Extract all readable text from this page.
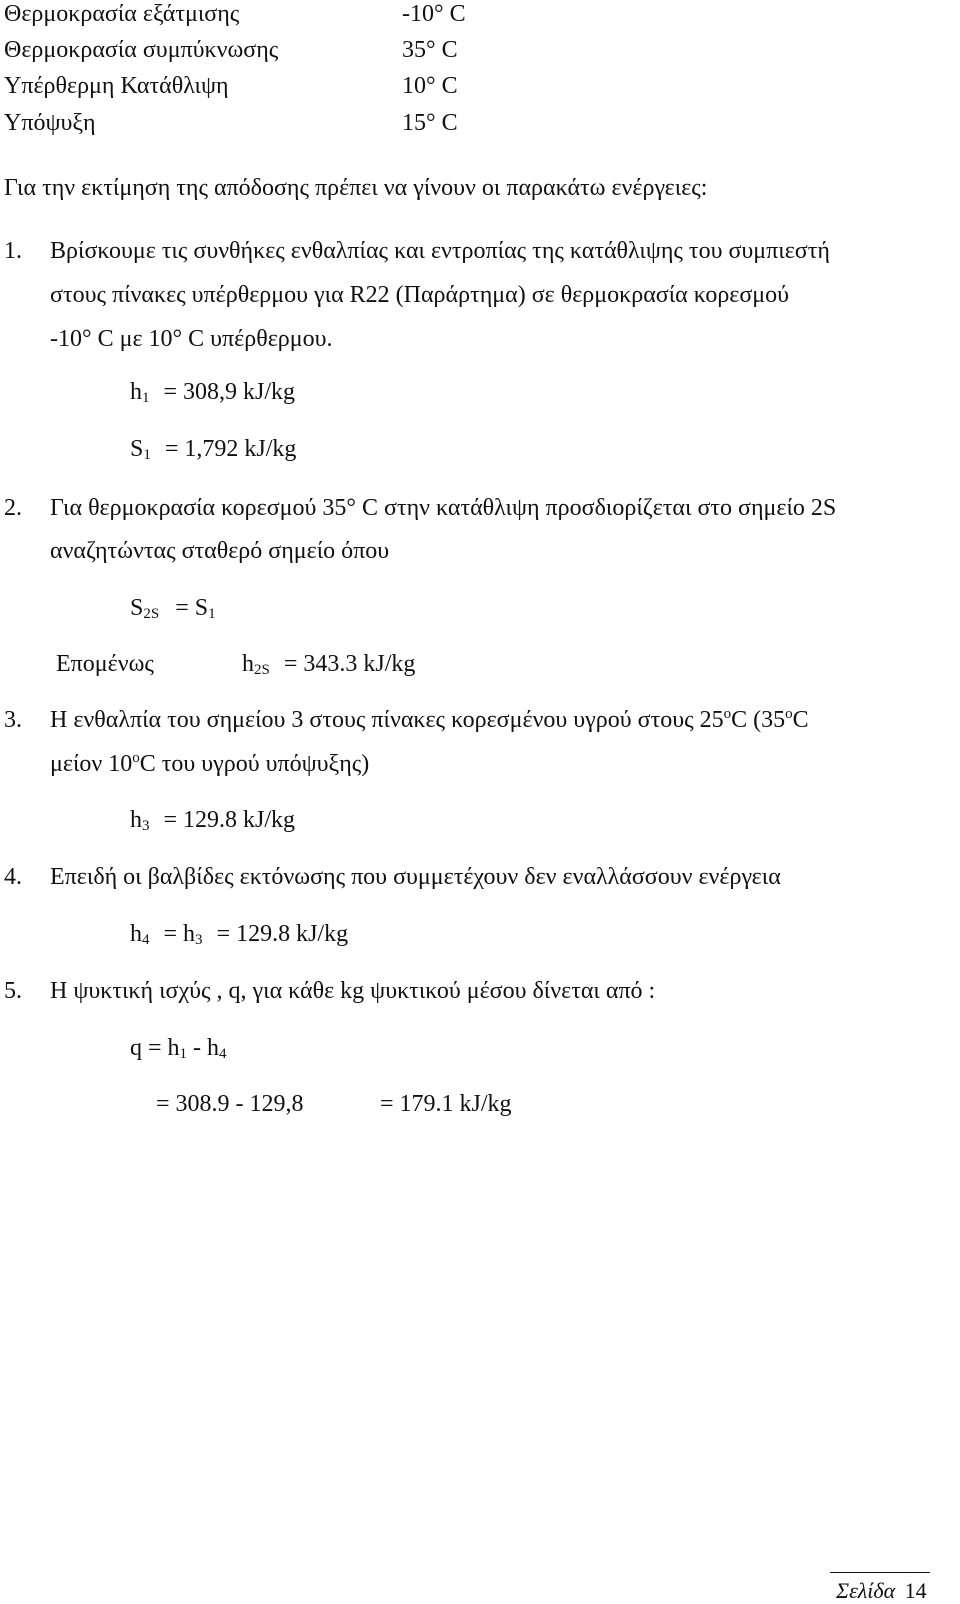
Θερμοκρασία εξάτμισης	-10° C
Θερμοκρασία συμπύκνωσης	35° C
Υπέρθερμη Κατάθλιψη	10° C
Υπόψυξη	15° C
Για την εκτίμηση της απόδοσης πρέπει να γίνουν οι παρακάτω ενέργειες:
1. Βρίσκουμε τις συνθήκες ενθαλπίας και εντροπίας της κατάθλιψης του συμπιεστή
στους πίνακες υπέρθερμου για R22 (Παράρτημα) σε θερμοκρασία κορεσμού
-10° C με 10° C υπέρθερμου.
$h_1 = 308,9$ kJ/kg
$S_1 = 1,792$ kJ/kg
2. Για θερμοκρασία κορεσμού 35° C στην κατάθλιψη προσδιορίζεται στο σημείο 2S
αναζητώντας σταθερό σημείο όπου
$S_{2S} = S_1$
Επομένως	$h_{2S} = 343.3$ kJ/kg
3. Η ενθαλπία του σημείου 3 στους πίνακες κορεσμένου υγρού στους 25$^o$C (35$^o$C
μείον 10$^o$C του υγρού υπόψυξης)
$h_3 = 129.8$ kJ/kg
4. Επειδή οι βαλβίδες εκτόνωσης που συμμετέχουν δεν εναλλάσσουν ενέργεια
$h_4 = h_3 = 129.8$ kJ/kg
5. Η ψυκτική ισχύς , q, για κάθε kg ψυκτικού μέσου δίνεται από :
$q = h_1 - h_4$
= 308.9 - 129,8	= 179.1 kJ/kg
Σελίδα 14
